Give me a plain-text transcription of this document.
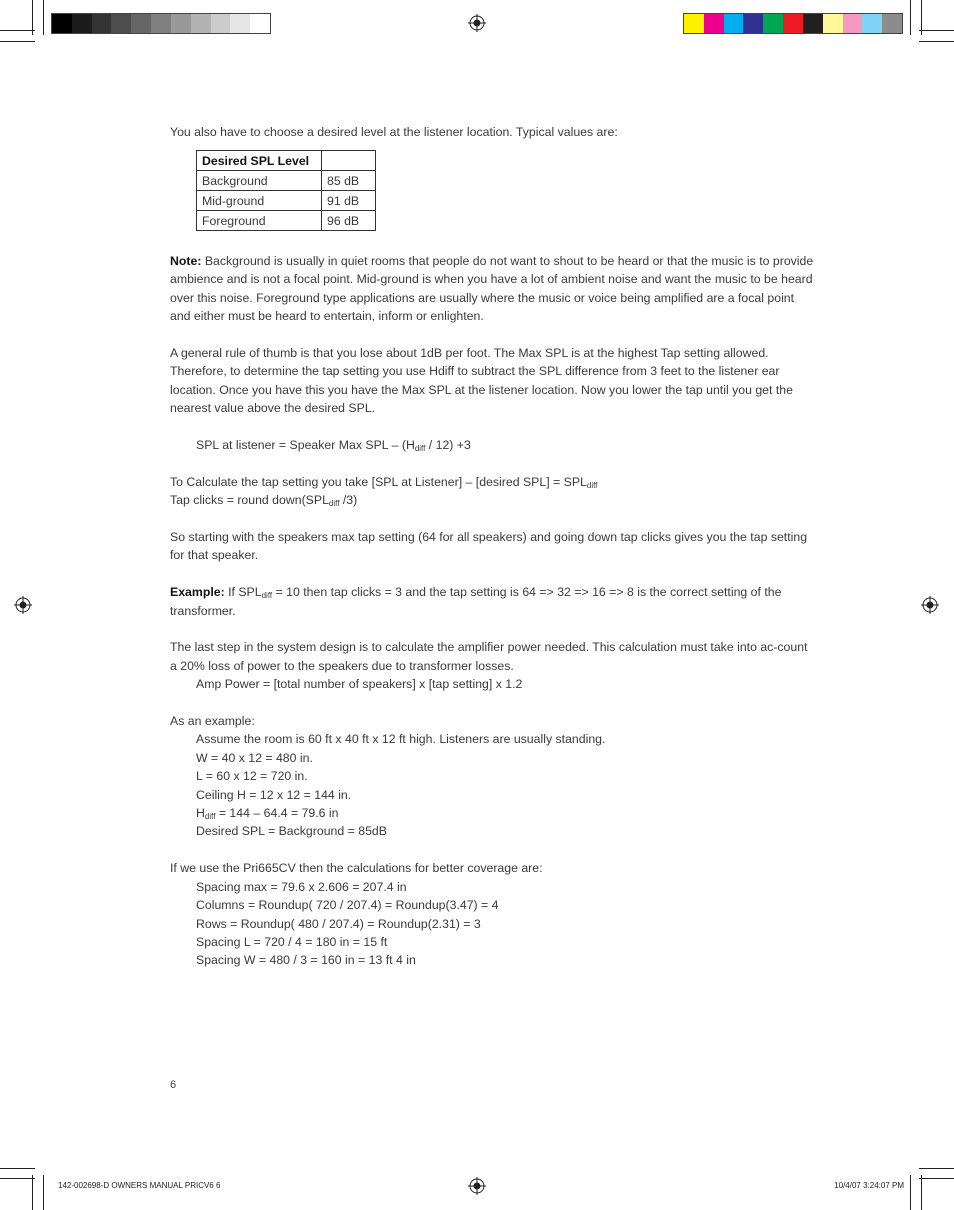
You also have to choose a desired level at the listener location. Typical values are:

Desired SPL Level	
Background	85 dB
Mid-ground	91 dB
Foreground	96 dB

Note: Background is usually in quiet rooms that people do not want to shout to be heard or that the music is to provide ambience and is not a focal point. Mid-ground is when you have a lot of ambient noise and want the music to be heard over this noise. Foreground type applications are usually where the music or voice being amplified are a focal point and either must be heard to entertain, inform or enlighten.

A general rule of thumb is that you lose about 1dB per foot. The Max SPL is at the highest Tap setting allowed. Therefore, to determine the tap setting you use Hdiff to subtract the SPL difference from 3 feet to the listener ear location. Once you have this you have the Max SPL at the listener location. Now you lower the tap until you get the nearest value above the desired SPL.

SPL at listener = Speaker Max SPL – $(H_{diff} / 12) +3$

To Calculate the tap setting you take [SPL at Listener] – [desired $SPL] = SPL_{diff}$

Tap clicks = round $down(SPL_{diff}$ /3)

So starting with the speakers max tap setting (64 for all speakers) and going down tap clicks gives you the tap setting for that speaker.

Example: If $SPL_{diff} = 10$ then tap clicks = 3 and the tap setting is 64 => 32 => 16 => 8 is the correct setting of the transformer.

The last step in the system design is to calculate the amplifier power needed. This calculation must take into ac-count a 20% loss of power to the speakers due to transformer losses.

Amp Power = [total number of speakers] x [tap setting] x 1.2

As an example:

Assume the room is 60 ft x 40 ft x 12 ft high. Listeners are usually standing.

W = 40 x 12 = 480 in.

L = 60 x 12 = 720 in.

Ceiling H = 12 x 12 = 144 in.

$H_{diff} = 144 - 64.4 = 79.6$ in

Desired SPL = Background = 85dB

If we use the Pri665CV then the calculations for better coverage are:

Spacing max = 79.6 x 2.606 = 207.4 in

Columns = Roundup( 720 / 207.4) = Roundup(3.47) = 4

Rows = Roundup( 480 / 207.4) = Roundup(2.31) = 3

Spacing L = 720 / 4 = 180 in = 15 ft

Spacing W = 480 / 3 = 160 in = 13 ft 4 in

6
142-002698-D OWNERS MANUAL PRICV6 6	10/4/07 3:24:07 PM
